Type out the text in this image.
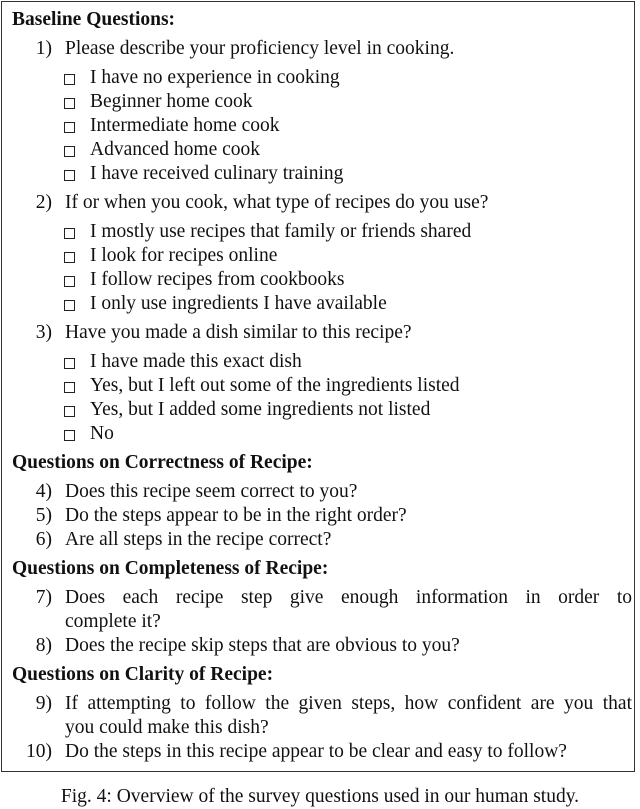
Baseline Questions:
1) Please describe your proficiency level in cooking.
I have no experience in cooking
Beginner home cook
Intermediate home cook
Advanced home cook
I have received culinary training
2) If or when you cook, what type of recipes do you use?
I mostly use recipes that family or friends shared
I look for recipes online
I follow recipes from cookbooks
I only use ingredients I have available
3) Have you made a dish similar to this recipe?
I have made this exact dish
Yes, but I left out some of the ingredients listed
Yes, but I added some ingredients not listed
No
Questions on Correctness of Recipe:
4) Does this recipe seem correct to you?
5) Do the steps appear to be in the right order?
6) Are all steps in the recipe correct?
Questions on Completeness of Recipe:
7) Does each recipe step give enough information in order to
complete it?
8) Does the recipe skip steps that are obvious to you?
Questions on Clarity of Recipe:
9) If attempting to follow the given steps, how confident are you that
you could make this dish?
10) Do the steps in this recipe appear to be clear and easy to follow?
Fig. 4: Overview of the survey questions used in our human study.
